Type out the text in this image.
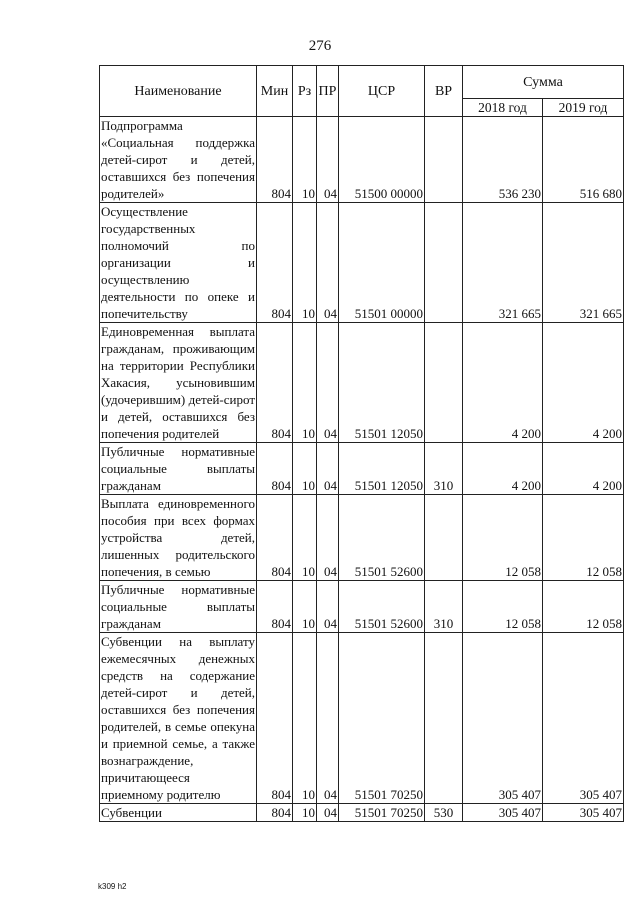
276
Наименование	Мин	Рз	ПР	ЦСР	ВР	Сумма	
						2018 год	2019 год
Подпрограмма «Социальная поддержка детей-сирот и детей, оставшихся без попечения родителей»	804	10	04	51500 00000		536 230	516 680
Осуществление государственных полномочий по организации и осуществлению деятельности по опеке и попечительству	804	10	04	51501 00000		321 665	321 665
Единовременная выплата гражданам, проживающим на территории Республики Хакасия, усыновившим (удочерившим) детей-сирот и детей, оставшихся без попечения родителей	804	10	04	51501 12050		4 200	4 200
Публичные нормативные социальные выплаты гражданам	804	10	04	51501 12050	310	4 200	4 200
Выплата единовременного пособия при всех формах устройства детей, лишенных родительского попечения, в семью	804	10	04	51501 52600		12 058	12 058
Публичные нормативные социальные выплаты гражданам	804	10	04	51501 52600	310	12 058	12 058
Субвенции на выплату ежемесячных денежных средств на содержание детей-сирот и детей, оставшихся без попечения родителей, в семье опекуна и приемной семье, а также вознаграждение, причитающееся приемному родителю	804	10	04	51501 70250		305 407	305 407
Субвенции	804	10	04	51501 70250	530	305 407	305 407
k309 h2
